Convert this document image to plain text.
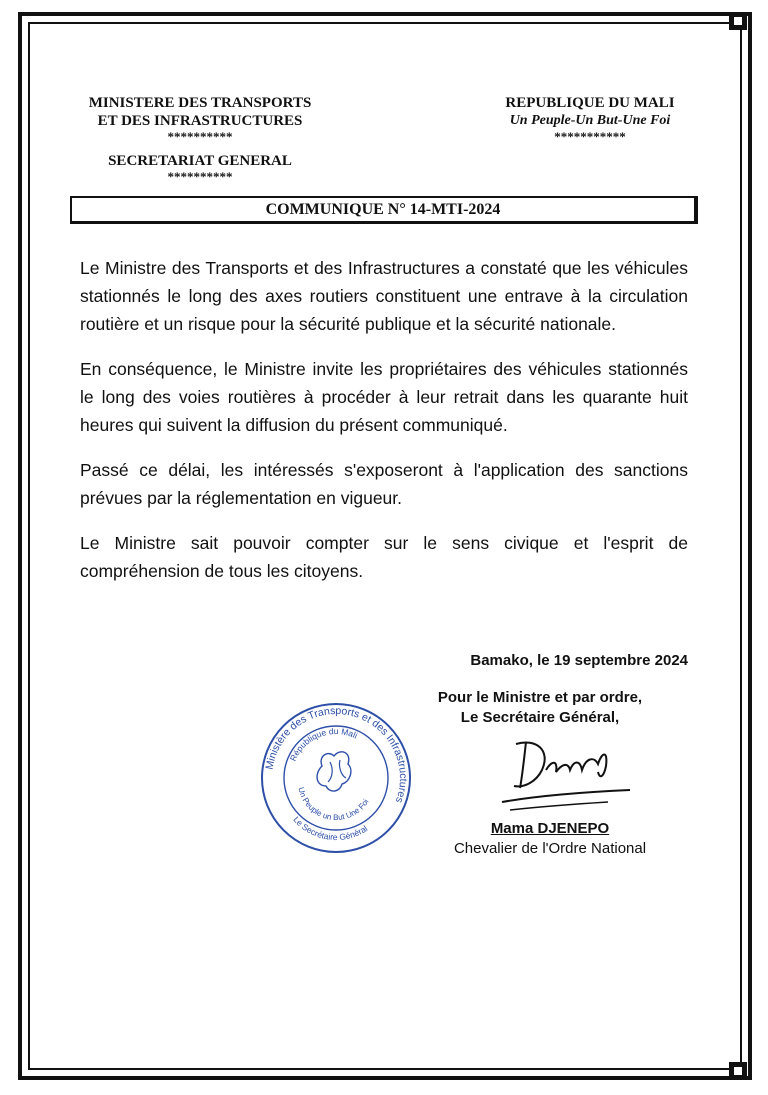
MINISTERE DES TRANSPORTS
ET DES INFRASTRUCTURES
**********
SECRETARIAT GENERAL
**********
REPUBLIQUE DU MALI
Un Peuple-Un But-Une Foi
***********
COMMUNIQUE N° 14-MTI-2024

Le Ministre des Transports et des Infrastructures a constaté que les véhicules stationnés le long des axes routiers constituent une entrave à la circulation routière et un risque pour la sécurité publique et la sécurité nationale.

En conséquence, le Ministre invite les propriétaires des véhicules stationnés le long des voies routières à procéder à leur retrait dans les quarante huit heures qui suivent la diffusion du présent communiqué.

Passé ce délai, les intéressés s'exposeront à l'application des sanctions prévues par la réglementation en vigueur.

Le Ministre sait pouvoir compter sur le sens civique et l'esprit de compréhension de tous les citoyens.

Bamako, le 19 septembre 2024
Pour le Ministre et par ordre,
Le Secrétaire Général,
Mama DJENEPO
Chevalier de l'Ordre National
Ministère des Transports et des Infrastructures
République du Mali
Un Peuple un But Une Foi
Le Secrétaire Général
